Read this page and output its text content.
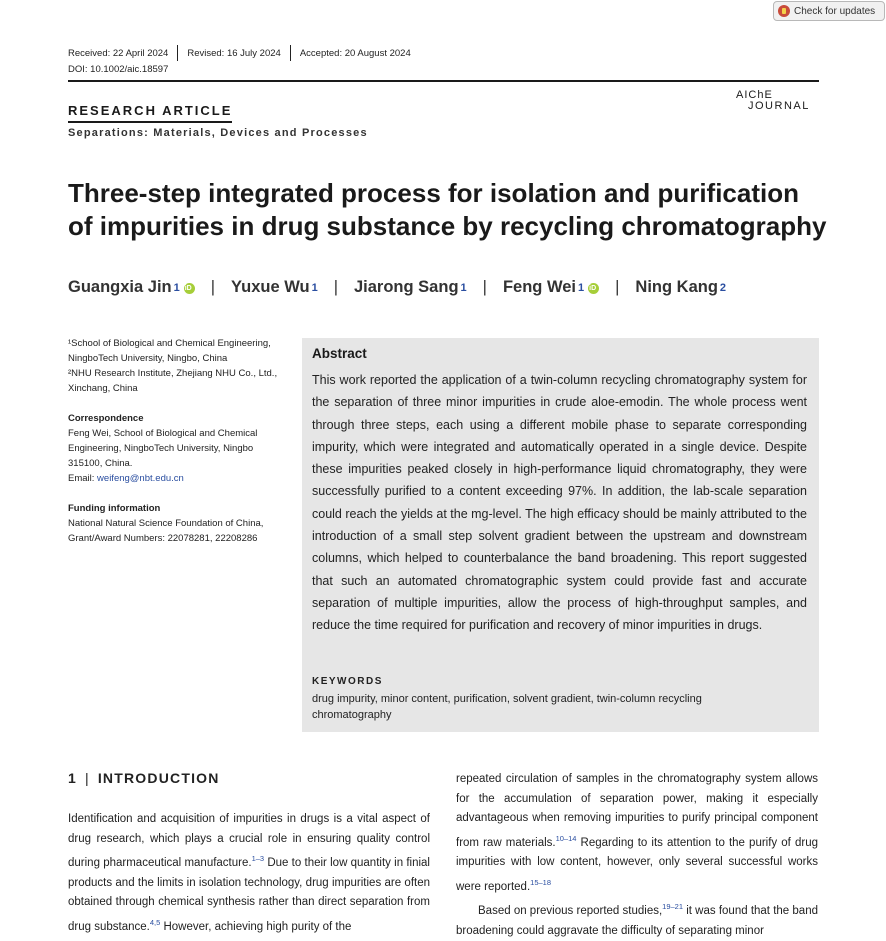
Check for updates
Received: 22 April 2024 Revised: 16 July 2024 Accepted: 20 August 2024
DOI: 10.1002/aic.18597
RESEARCH ARTICLE
Separations: Materials, Devices and Processes
AIChE
JOURNAL
Three-step integrated process for isolation and purification of impurities in drug substance by recycling chromatography
Guangxia Jin 1 iD | Yuxue Wu 1 | Jiarong Sang 1 | Feng Wei 1 iD | Ning Kang 2

¹School of Biological and Chemical Engineering, NingboTech University, Ningbo, China

²NHU Research Institute, Zhejiang NHU Co., Ltd., Xinchang, China

Correspondence

Feng Wei, School of Biological and Chemical Engineering, NingboTech University, Ningbo 315100, China.

Email: weifeng@nbt.edu.cn

Funding information

National Natural Science Foundation of China, Grant/Award Numbers: 22078281, 22208286

Abstract
This work reported the application of a twin-column recycling chromatography system for the separation of three minor impurities in crude aloe-emodin. The whole process went through three steps, each using a different mobile phase to separate corresponding impurity, which were integrated and automatically operated in a single device. Despite these impurities peaked closely in high-performance liquid chromatography, they were successfully purified to a content exceeding 97%. In addition, the lab-scale separation could reach the yields at the mg-level. The high efficacy should be mainly attributed to the introduction of a small step solvent gradient between the upstream and downstream columns, which helped to counterbalance the band broadening. This report suggested that such an automated chromatographic system could provide fast and accurate separation of multiple impurities, allow the process of high-throughput samples, and reduce the time required for purification and recovery of minor impurities in drugs.
KEYWORDS
drug impurity, minor content, purification, solvent gradient, twin-column recycling chromatography
1 | INTRODUCTION

Identification and acquisition of impurities in drugs is a vital aspect of drug research, which plays a crucial role in ensuring quality control during pharmaceutical manufacture.$^{1-3}$ Due to their low quantity in finial products and the limits in isolation technology, drug impurities are often obtained through chemical synthesis rather than direct separation from drug substance.$^{4,5}$ However, achieving high purity of the

repeated circulation of samples in the chromatography system allows for the accumulation of separation power, making it especially advantageous when removing impurities to purify principal component from raw materials.$^{10-14}$ Regarding to its attention to the purify of drug impurities with low content, however, only several successful works were reported.$^{15-18}$

Based on previous reported studies,$^{19-21}$ it was found that the band broadening could aggravate the difficulty of separating minor
